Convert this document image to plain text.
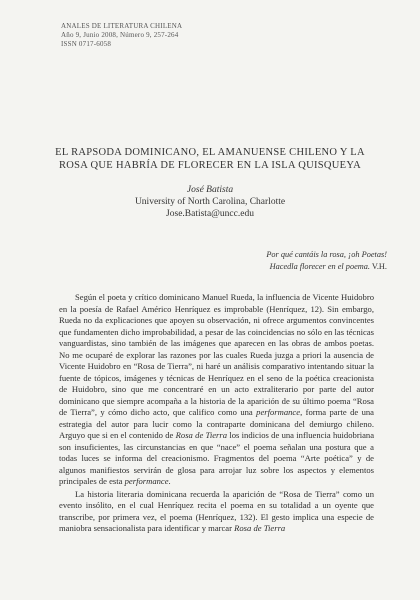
ANALES DE LITERATURA CHILENA
Año 9, Junio 2008, Número 9, 257-264
ISSN 0717-6058
EL RAPSODA DOMINICANO, EL AMANUENSE CHILENO Y LA ROSA QUE HABRÍA DE FLORECER EN LA ISLA QUISQUEYA
José Batista
University of North Carolina, Charlotte
Jose.Batista@uncc.edu
Por qué cantáis la rosa, ¡oh Poetas!
Hacedla florecer en el poema. V.H.

Según el poeta y crítico dominicano Manuel Rueda, la influencia de Vicente Huidobro en la poesía de Rafael Américo Henríquez es improbable (Henríquez, 12). Sin embargo, Rueda no da explicaciones que apoyen su observación, ni ofrece argumentos convincentes que fundamenten dicho improbabilidad, a pesar de las coincidencias no sólo en las técnicas vanguardistas, sino también de las imágenes que aparecen en las obras de ambos poetas. No me ocuparé de explorar las razones por las cuales Rueda juzga a priori la ausencia de Vicente Huidobro en “Rosa de Tierra”, ni haré un análisis comparativo intentando situar la fuente de tópicos, imágenes y técnicas de Henríquez en el seno de la poética creacionista de Huidobro, sino que me concentraré en un acto extraliterario por parte del autor dominicano que siempre acompaña a la historia de la aparición de su último poema “Rosa de Tierra”, y cómo dicho acto, que califico como una performance, forma parte de una estrategia del autor para lucir como la contraparte dominicana del demiurgo chileno. Arguyo que si en el contenido de Rosa de Tierra los indicios de una influencia huidobriana son insuficientes, las circunstancias en que “nace” el poema señalan una postura que a todas luces se informa del creacionismo. Fragmentos del poema “Arte poética” y de algunos manifiestos servirán de glosa para arrojar luz sobre los aspectos y elementos principales de esta performance.

La historia literaria dominicana recuerda la aparición de “Rosa de Tierra” como un evento insólito, en el cual Henríquez recita el poema en su totalidad a un oyente que transcribe, por primera vez, el poema (Henríquez, 132). El gesto implica una especie de maniobra sensacionalista para identificar y marcar Rosa de Tierra
